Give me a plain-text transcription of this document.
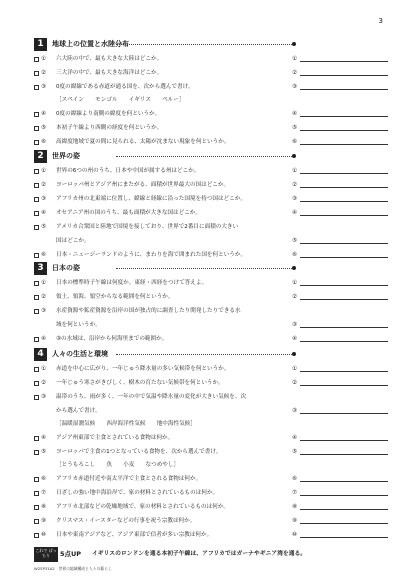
3
1	地球上の位置と水陸分布
① 六大陸の中で、最も大きな大陸はどこか。	①
② 三大洋の中で、最も大きな海洋はどこか。	②
③ 0度の緯線である赤道が通る国を、次から選んで書け。	③
［スペイン　　モンゴル　　イギリス　　ペルー］
④ 0度の緯線より南側の緯度を何というか。	④
⑤ 本初子午線より西側の経度を何というか。	⑤
⑥ 高緯度地域で夏の間に見られる、太陽が沈まない現象を何というか。	⑥
2	世界の姿
① 世界の6つの州のうち、日本や中国が属する州はどこか。	①
② ヨーロッパ州とアジア州にまたがる、面積が世界最大の国はどこか。	②
③ アフリカ州の北東端に位置し、緯線と経線に沿った国境を持つ国はどこか。	③
④ オセアニア州の国のうち、最も面積が大きな国はどこか。	④
⑤ アメリカ合衆国と陸地で国境を接しており、世界で2番目に面積の大きい
国はどこか。	⑤
⑥ 日本・ニュージーランドのように、まわりを海で囲まれた国を何というか。	⑥
3	日本の姿
① 日本の標準時子午線は何度か。東経・西経をつけて答えよ。	①
② 領土、領海、領空からなる範囲を何というか。	②
③ 水産資源や鉱産資源を沿岸の国が独占的に調査したり開発したりできる水
域を何というか。	③
④ ③の水域は、沿岸から何海里までの範囲か。	④
4	人々の生活と環境
① 赤道を中心に広がり、一年じゅう降水量の多い気候帯を何というか。	①
② 一年じゅう寒さがきびしく、樹木の育たない気候帯を何というか。	②
③ 温帯のうち、雨が多く、一年の中で気温や降水量の変化が大きい気候を、次
から選んで書け。	③
［温暖湿潤気候　　西岸海洋性気候　　地中海性気候］
④ アジア州東部で主食とされている食物は何か。	④
⑤ ヨーロッパで主食の1つとなっている食物を、次から選んで書け。	⑤
［とうもろこし　　魚　　小麦　　なつめやし］
⑥ アフリカ赤道付近や南太平洋で主食とされる食物は何か。	⑥
⑦ 日ざしの強い地中海沿岸で、家の材料とされているものは何か。	⑦
⑧ アフリカ北部などの乾燥地域で、家の材料とされているものは何か。	⑧
⑨ クリスマス・イースターなどの行事を祝う宗教は何か。	⑨
⑩ 日本や東南アジアなど、アジア東部で信者が多い宗教は何か。	⑩
これで ばっちり	5点UP イギリスのロンドンを通る本初子午線は、アフリカではガーナやギニア湾を通る。
W2SP31A2　世界の地域構成と人々の暮らし
